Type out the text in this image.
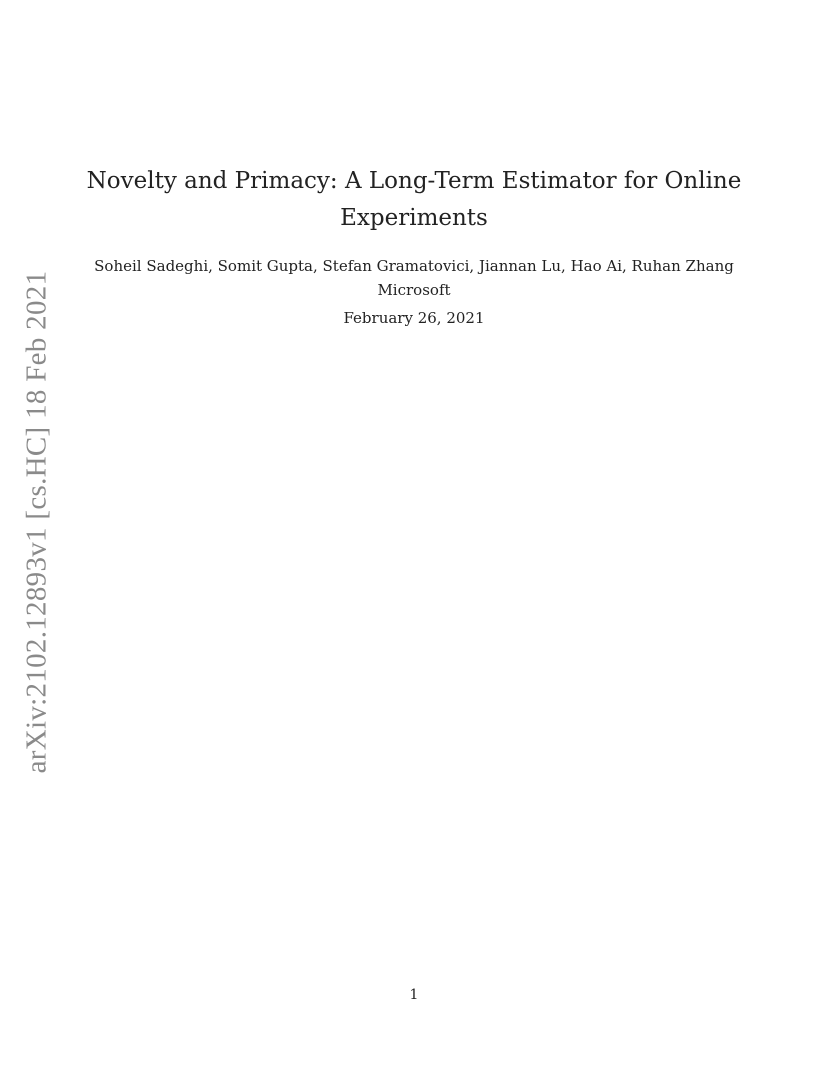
arXiv:2102.12893v1 [cs.HC] 18 Feb 2021
Novelty and Primacy: A Long-Term Estimator for Online
Experiments
Soheil Sadeghi, Somit Gupta, Stefan Gramatovici, Jiannan Lu, Hao Ai, Ruhan Zhang
Microsoft
February 26, 2021
1
